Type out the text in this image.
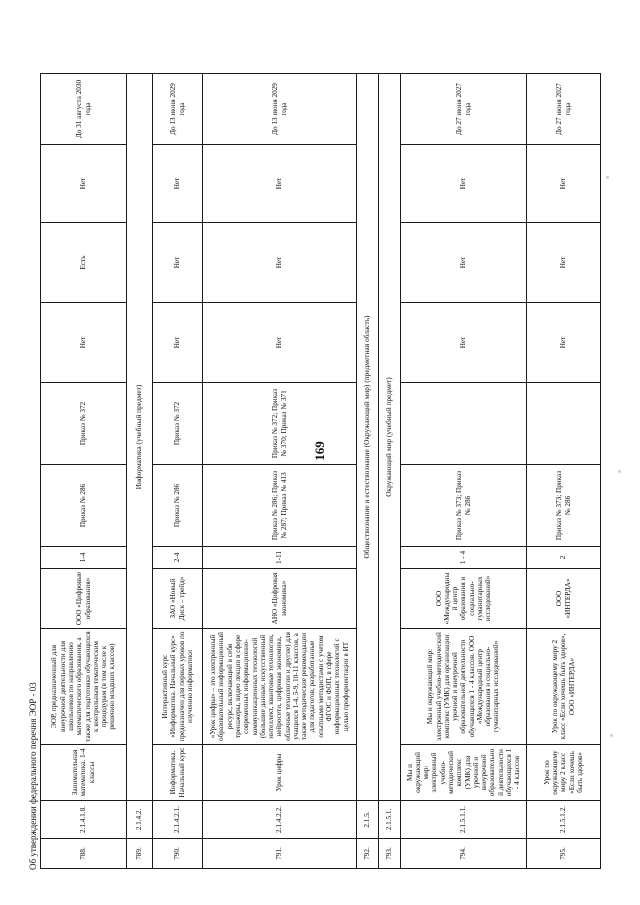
169
788.	2.1.4.1.8.	Занимательная математика. 1-4 классы	ЭОР, предназначенный для внеурочной деятельности для школьников по направлению математического образования, а также для подготовки обучающихся к контрольным тематическим процедурам (в том числе к решению младших классов)	ООО «Цифровые образования»	1-4	Приказ № 286	Приказ № 372	Нет	Есть	Нет	До 31 августа 2030 года
789.	2.1.4.2.	Информатика (учебный предмет)									
790.	2.1.4.2.1.	Информатика. Начальный курс	Интерактивный курс «Информатика. Начальный курс» предназначен для первых уроков по изучению информатики	ЗАО «Новый Диск – трейд»	2-4	Приказ № 286	Приказ № 372	Нет	Нет	Нет	До 13 июня 2029 года
791.	2.1.4.2.2.	Урок цифры	«Урок цифры» – это электронный образовательный информационный ресурс, включающий в себя тренажеры, видео лекции в сфере современных информационно-коммуникационных технологий (большие данные, искусственный интеллект, квантовые технологии, нейросети, цифровая экономика, облачные технологии и другие) для учащихся 1-4, 5-9, 10-11 классов, а также методические рекомендации для педагогов, разработанные опытными методистами с учетом ФГОС и ФОП, в сфере информационных технологий с целью профориентации в ИТ	АНО «Цифровая экономика»	1-11	Приказ № 286; Приказ № 287; Приказ № 413	Приказ № 372; Приказ № 370; Приказ № 371	Нет	Нет	Нет	До 13 июня 2029 года
792.	2.1.5.	Обществознание и естествознание (Окружающий мир) (предметная область)									
793.	2.1.5.1.	Окружающий мир (учебный предмет)									
794.	2.1.5.1.1.	Мы и окружающий мир: электронный учебно-методический комплекс (УМК) для урочной и внеурочной образовательной деятельности обучающихся 1 - 4 классов	Мы и окружающий мир: электронный учебно-методический комплекс (УМК) для организации урочной и внеурочной образовательной деятельности обучающихся 1 - 4 классов. ООО «Международный центр образования и социально-гуманитарных исследований»	ООО «Международный центр образования и социально-гуманитарных исследований»	1 - 4	Приказ № 373; Приказ № 286		Нет	Нет	Нет	До 27 июня 2027 года
795.	2.1.5.1.2.	Урок по окружающему миру 2 класс «Если хочешь быть здоров»	Урок по окружающему миру 2 класс «Если хочешь быть здоров», ООО «ИНТЕРДА»	ООО «ИНТЕРДА»	2	Приказ № 373; Приказ № 286		Нет	Нет	Нет	До 27 июня 2027 года
Об утверждении федерального перечня ЭОР - 03
